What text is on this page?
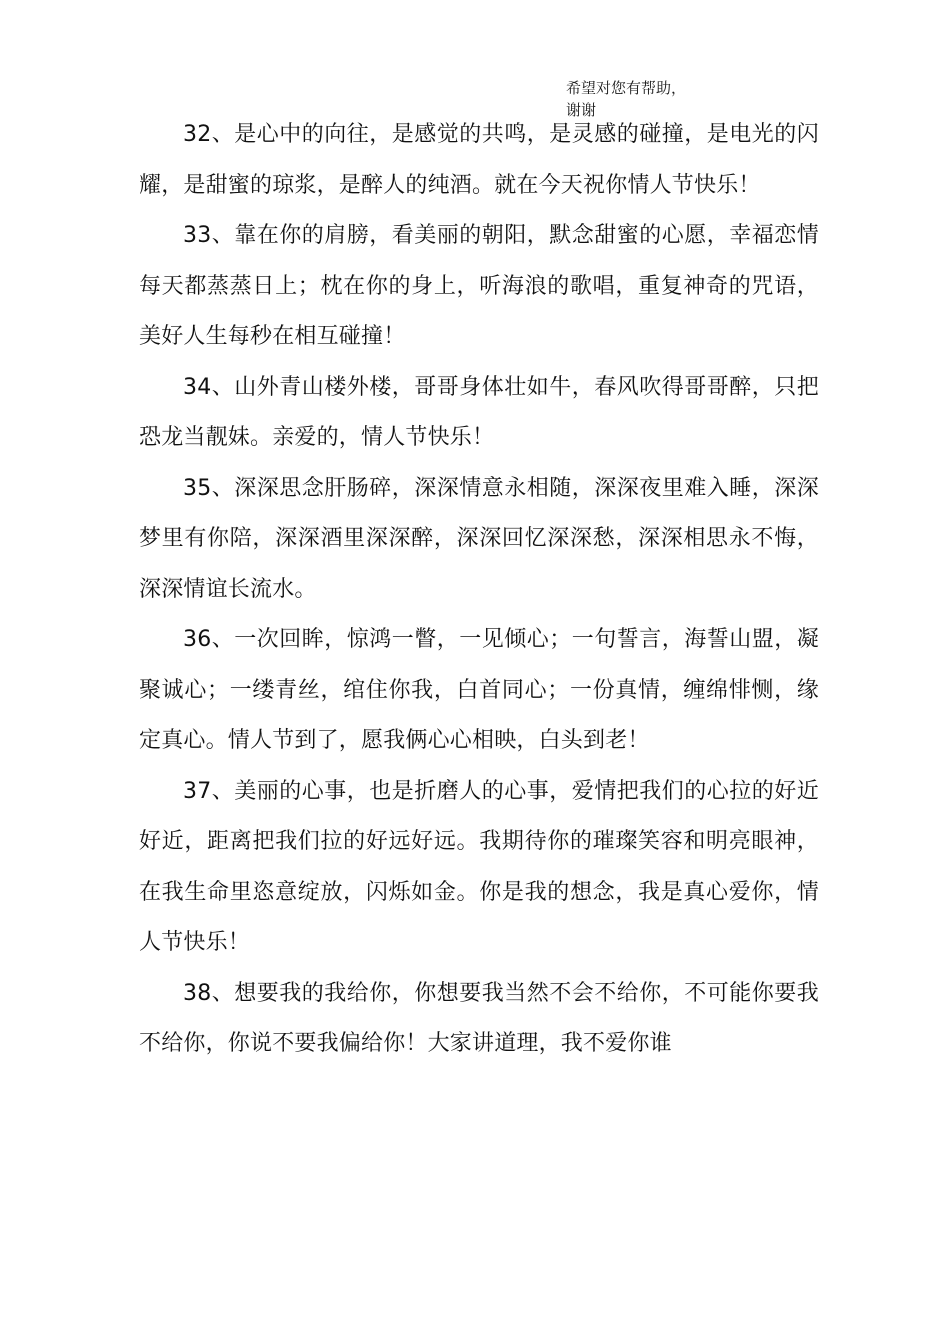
希望对您有帮助，
谢谢

32、是心中的向往，是感觉的共鸣，是灵感的碰撞，是电光的闪耀，是甜蜜的琼浆，是醉人的纯酒。就在今天祝你情人节快乐！

33、靠在你的肩膀，看美丽的朝阳，默念甜蜜的心愿，幸福恋情每天都蒸蒸日上；枕在你的身上，听海浪的歌唱，重复神奇的咒语，美好人生每秒在相互碰撞！

34、山外青山楼外楼，哥哥身体壮如牛，春风吹得哥哥醉，只把恐龙当靓妹。亲爱的，情人节快乐！

35、深深思念肝肠碎，深深情意永相随，深深夜里难入睡，深深梦里有你陪，深深酒里深深醉，深深回忆深深愁，深深相思永不悔，深深情谊长流水。

36、一次回眸，惊鸿一瞥，一见倾心；一句誓言，海誓山盟，凝聚诚心；一缕青丝，绾住你我，白首同心；一份真情，缠绵悱恻，缘定真心。情人节到了，愿我俩心心相映，白头到老！

37、美丽的心事，也是折磨人的心事，爱情把我们的心拉的好近好近，距离把我们拉的好远好远。我期待你的璀璨笑容和明亮眼神，在我生命里恣意绽放，闪烁如金。你是我的想念，我是真心爱你，情人节快乐！

38、想要我的我给你，你想要我当然不会不给你，不可能你要我不给你，你说不要我偏给你！大家讲道理，我不爱你谁
